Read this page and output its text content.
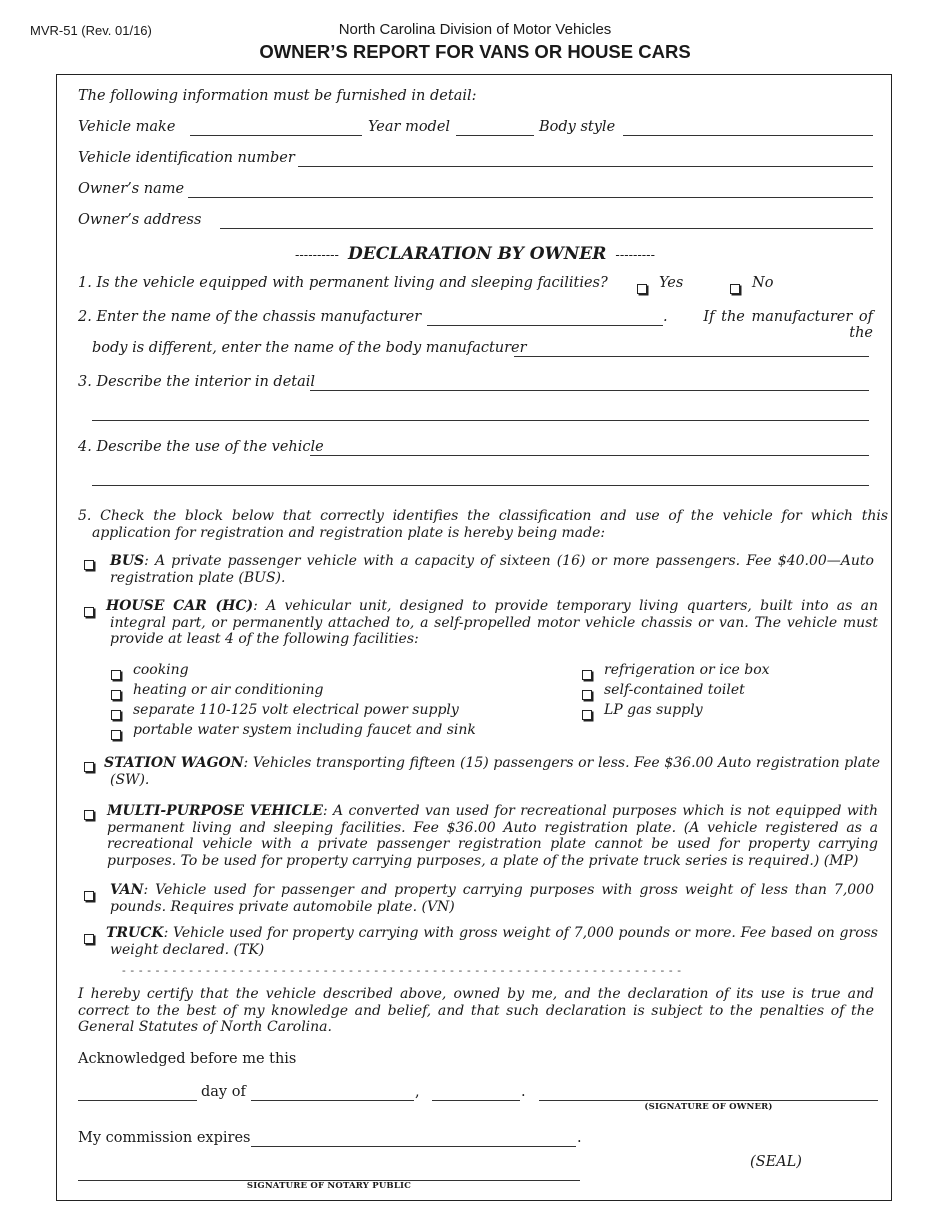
MVR-51 (Rev. 01/16)	North Carolina Division of Motor Vehicles
OWNER’S REPORT FOR VANS OR HOUSE CARS
The following information must be furnished in detail:
Vehicle make	Year model	Body style
Vehicle identification number
Owner’s name
Owner’s address
---------- DECLARATION BY OWNER ---------
1. Is the vehicle equipped with permanent living and sleeping facilities?	Yes	No
2. Enter the name of the chassis manufacturer	.	If the manufacturer of the
body is different, enter the name of the body manufacturer
3. Describe the interior in detail
4. Describe the use of the vehicle
5. Check the block below that correctly identifies the classification and use of the vehicle for which this application for registration and registration plate is hereby being made:
BUS: A private passenger vehicle with a capacity of sixteen (16) or more passengers. Fee $40.00—Auto registration plate (BUS).
HOUSE CAR (HC): A vehicular unit, designed to provide temporary living quarters, built into as an integral part, or permanently attached to, a self-propelled motor vehicle chassis or van. The vehicle must provide at least 4 of the following facilities:
cooking
heating or air conditioning
separate 110-125 volt electrical power supply
portable water system including faucet and sink
refrigeration or ice box
self-contained toilet
LP gas supply
STATION WAGON: Vehicles transporting fifteen (15) passengers or less. Fee $36.00 Auto registration plate (SW).
MULTI-PURPOSE VEHICLE: A converted van used for recreational purposes which is not equipped with permanent living and sleeping facilities. Fee $36.00 Auto registration plate. (A vehicle registered as a recreational vehicle with a private passenger registration plate cannot be used for property carrying purposes. To be used for property carrying purposes, a plate of the private truck series is required.) (MP)
VAN: Vehicle used for passenger and property carrying purposes with gross weight of less than 7,000 pounds. Requires private automobile plate. (VN)
TRUCK: Vehicle used for property carrying with gross weight of 7,000 pounds or more. Fee based on gross weight declared. (TK)
- - - - - - - - - - - - - - - - - - - - - - - - - - - - - - - - - - - - - - - - - - - - - - - - - - - - - - - - - - - - - - - - - - -
I hereby certify that the vehicle described above, owned by me, and the declaration of its use is true and correct to the best of my knowledge and belief, and that such declaration is subject to the penalties of the General Statutes of North Carolina.
Acknowledged before me this
day of	,	.
(SIGNATURE OF OWNER)
My commission expires	.
(SEAL)
SIGNATURE OF NOTARY PUBLIC
